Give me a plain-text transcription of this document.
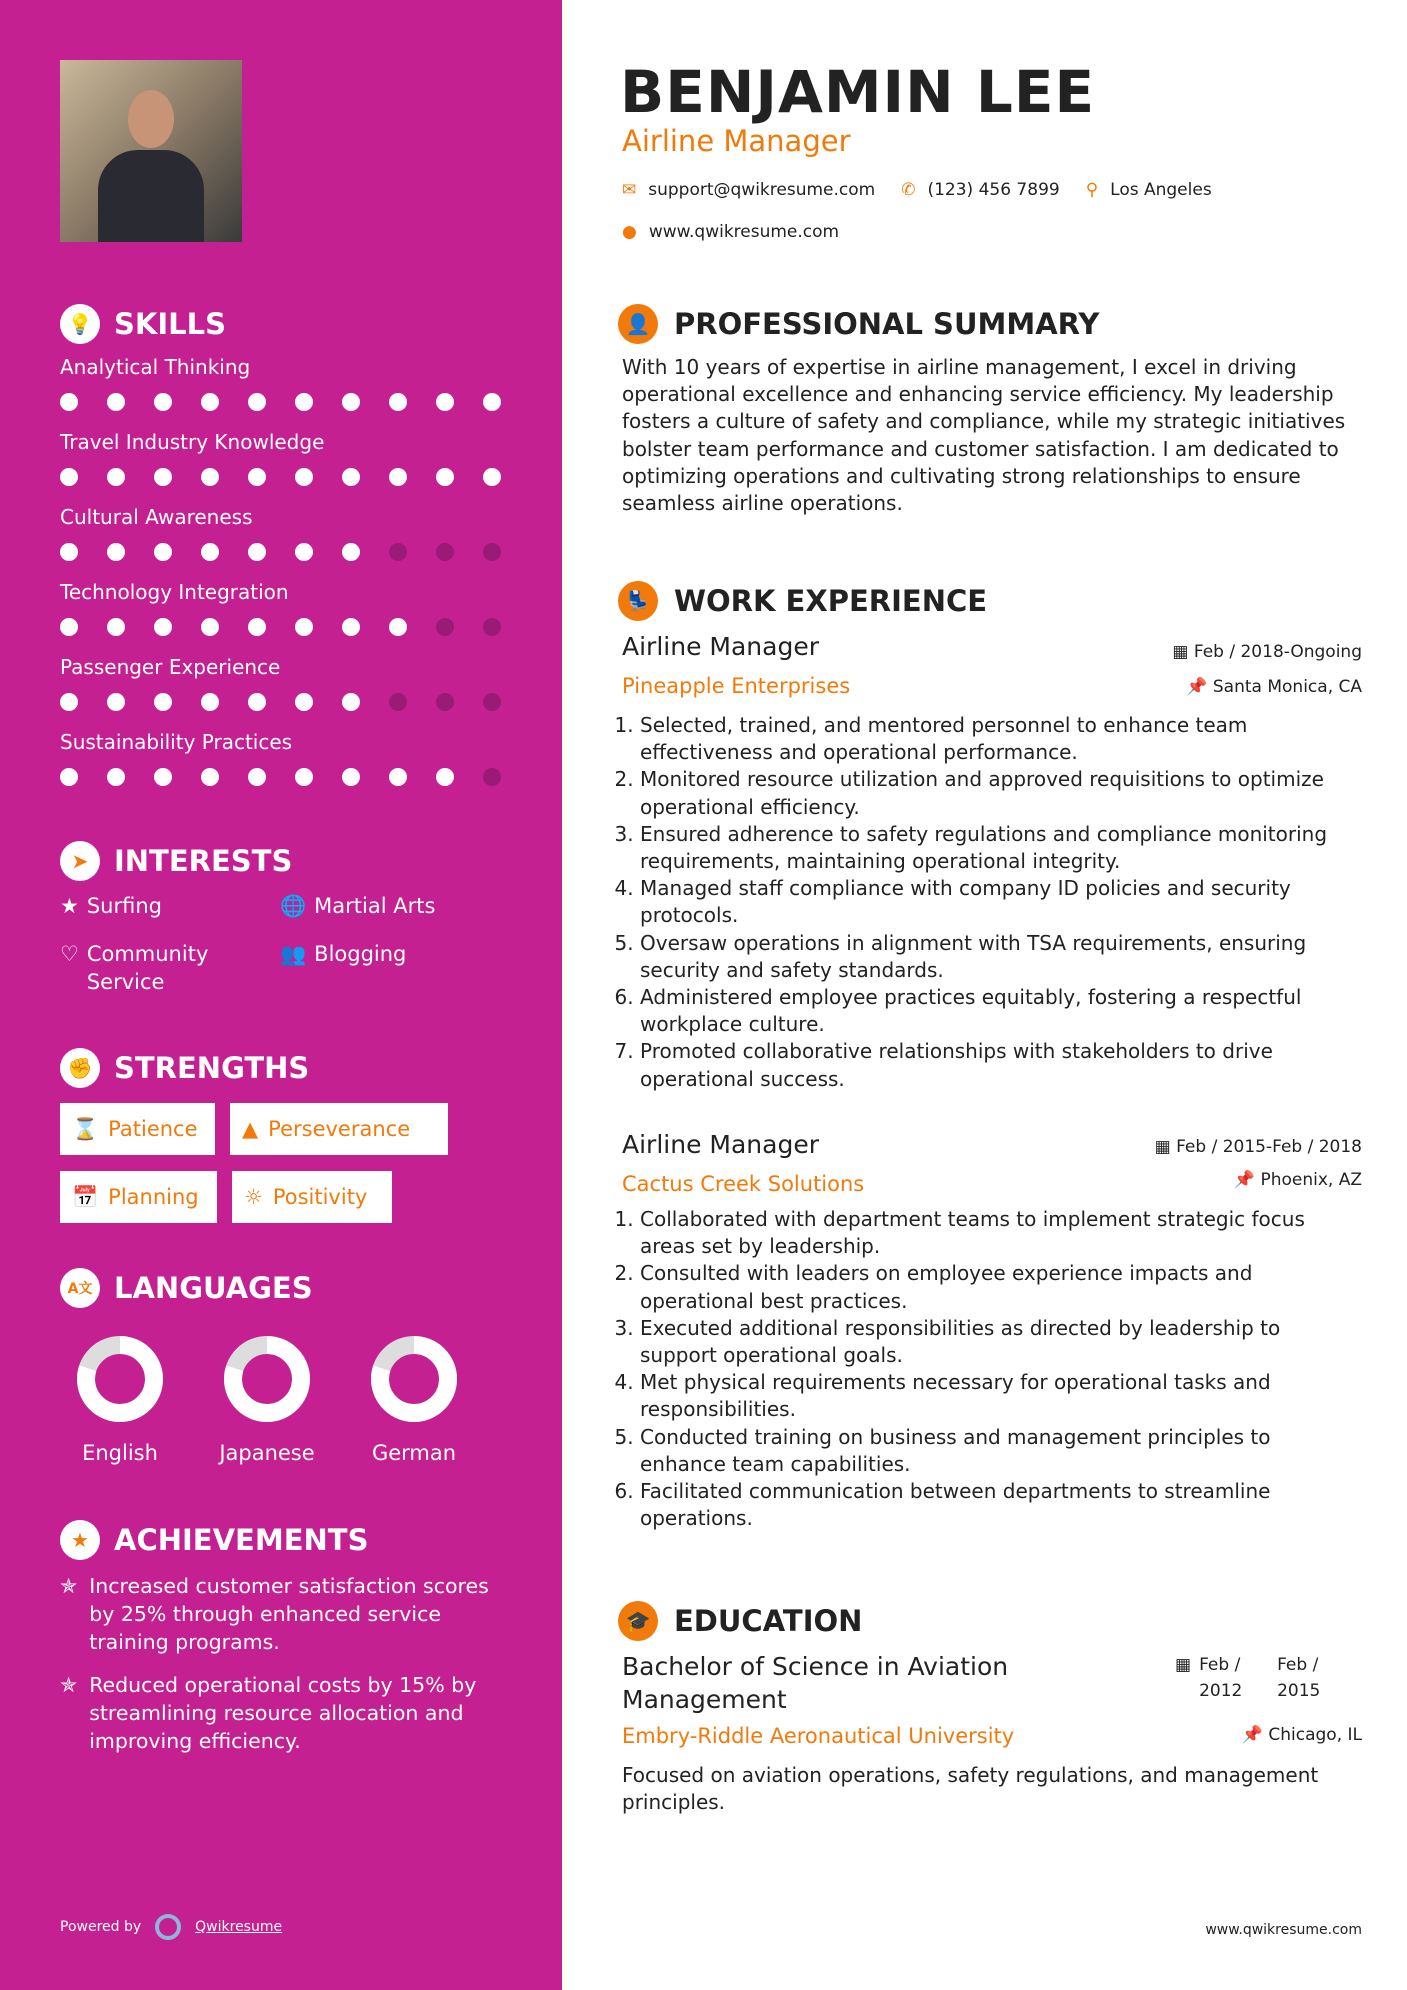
💡 SKILLS
Analytical Thinking
Travel Industry Knowledge
Cultural Awareness
Technology Integration
Passenger Experience
Sustainability Practices
➤ INTERESTS
★ Surfing	🌐 Martial Arts
♡ Community Service
👥 Blogging
✊ STRENGTHS
⌛ Patience ▲ Perseverance
📅 Planning ☼ Positivity
A文 LANGUAGES
English	Japanese	German
★ ACHIEVEMENTS
✯ Increased customer satisfaction scores by 25% through enhanced service training programs.
✯ Reduced operational costs by 15% by streamlining resource allocation and improving efficiency.
Powered by	Qwikresume
BENJAMIN LEE
Airline Manager
✉ support@qwikresume.com ✆ (123) 456 7899 ⚲ Los Angeles
● www.qwikresume.com
👤 PROFESSIONAL SUMMARY

With 10 years of expertise in airline management, I excel in driving operational excellence and enhancing service efficiency. My leadership fosters a culture of safety and compliance, while my strategic initiatives bolster team performance and customer satisfaction. I am dedicated to optimizing operations and cultivating strong relationships to ensure seamless airline operations.

💺 WORK EXPERIENCE
Airline Manager	▦ Feb / 2018-Ongoing
Pineapple Enterprises	📌 Santa Monica, CA
1. Selected, trained, and mentored personnel to enhance team effectiveness and operational performance.
2. Monitored resource utilization and approved requisitions to optimize operational efficiency.
3. Ensured adherence to safety regulations and compliance monitoring requirements, maintaining operational integrity.
4. Managed staff compliance with company ID policies and security protocols.
5. Oversaw operations in alignment with TSA requirements, ensuring security and safety standards.
6. Administered employee practices equitably, fostering a respectful workplace culture.
7. Promoted collaborative relationships with stakeholders to drive operational success.
Airline Manager	▦ Feb / 2015-Feb / 2018
Cactus Creek Solutions	📌 Phoenix, AZ
1. Collaborated with department teams to implement strategic focus areas set by leadership.
2. Consulted with leaders on employee experience impacts and operational best practices.
3. Executed additional responsibilities as directed by leadership to support operational goals.
4. Met physical requirements necessary for operational tasks and responsibilities.
5. Conducted training on business and management principles to enhance team capabilities.
6. Facilitated communication between departments to streamline operations.
🎓 EDUCATION
Bachelor of Science in Aviation Management
▦ Feb / 2012
Feb / 2015
Embry-Riddle Aeronautical University	📌 Chicago, IL

Focused on aviation operations, safety regulations, and management principles.

www.qwikresume.com
